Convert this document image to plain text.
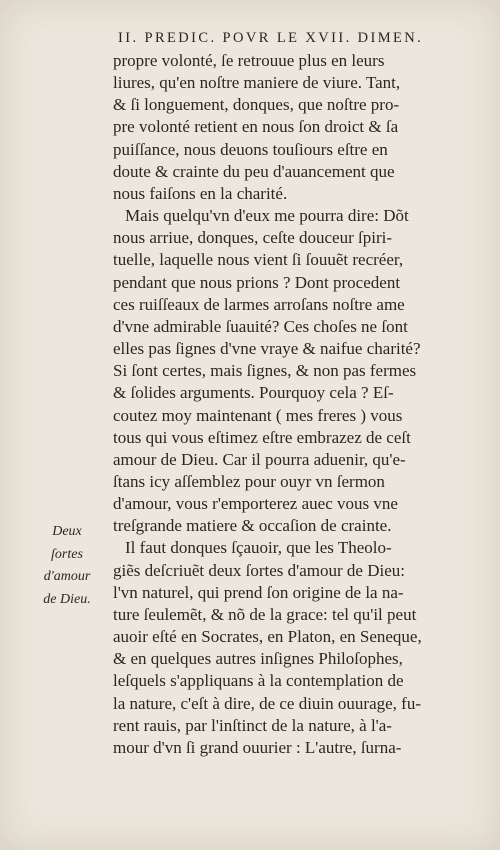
II. PREDIC. POVR LE XVII. DIMEN.
Deux
ſortes
d'amour
de Dieu.
propre volonté, ſe retrouue plus en leurs
liures, qu'en noſtre maniere de viure. Tant,
& ſi longuement, donques, que noſtre pro-
pre volonté retient en nous ſon droict & ſa
puiſſance, nous deuons touſiours eſtre en
doute & crainte du peu d'auancement que
nous faiſons en la charité.
Mais quelqu'vn d'eux me pourra dire: Dõt
nous arriue, donques, ceſte douceur ſpiri-
tuelle, laquelle nous vient ſi ſouuẽt recréer,
pendant que nous prions ? Dont procedent
ces ruiſſeaux de larmes arroſans noſtre ame
d'vne admirable ſuauité? Ces choſes ne ſont
elles pas ſignes d'vne vraye & naifue charité?
Si ſont certes, mais ſignes, & non pas fermes
& ſolides arguments. Pourquoy cela ? Eſ-
coutez moy maintenant ( mes freres ) vous
tous qui vous eſtimez eſtre embrazez de ceſt
amour de Dieu. Car il pourra aduenir, qu'e-
ſtans icy aſſemblez pour ouyr vn ſermon
d'amour, vous r'emporterez auec vous vne
treſgrande matiere & occaſion de crainte.
Il faut donques ſçauoir, que les Theolo-
giẽs deſcriuẽt deux ſortes d'amour de Dieu:
l'vn naturel, qui prend ſon origine de la na-
ture ſeulemẽt, & nõ de la grace: tel qu'il peut
auoir eſté en Socrates, en Platon, en Seneque,
& en quelques autres inſignes Philoſophes,
leſquels s'appliquans à la contemplation de
la nature, c'eſt à dire, de ce diuin ouurage, fu-
rent rauis, par l'inſtinct de la nature, à l'a-
mour d'vn ſi grand ouurier : L'autre, ſurna-
